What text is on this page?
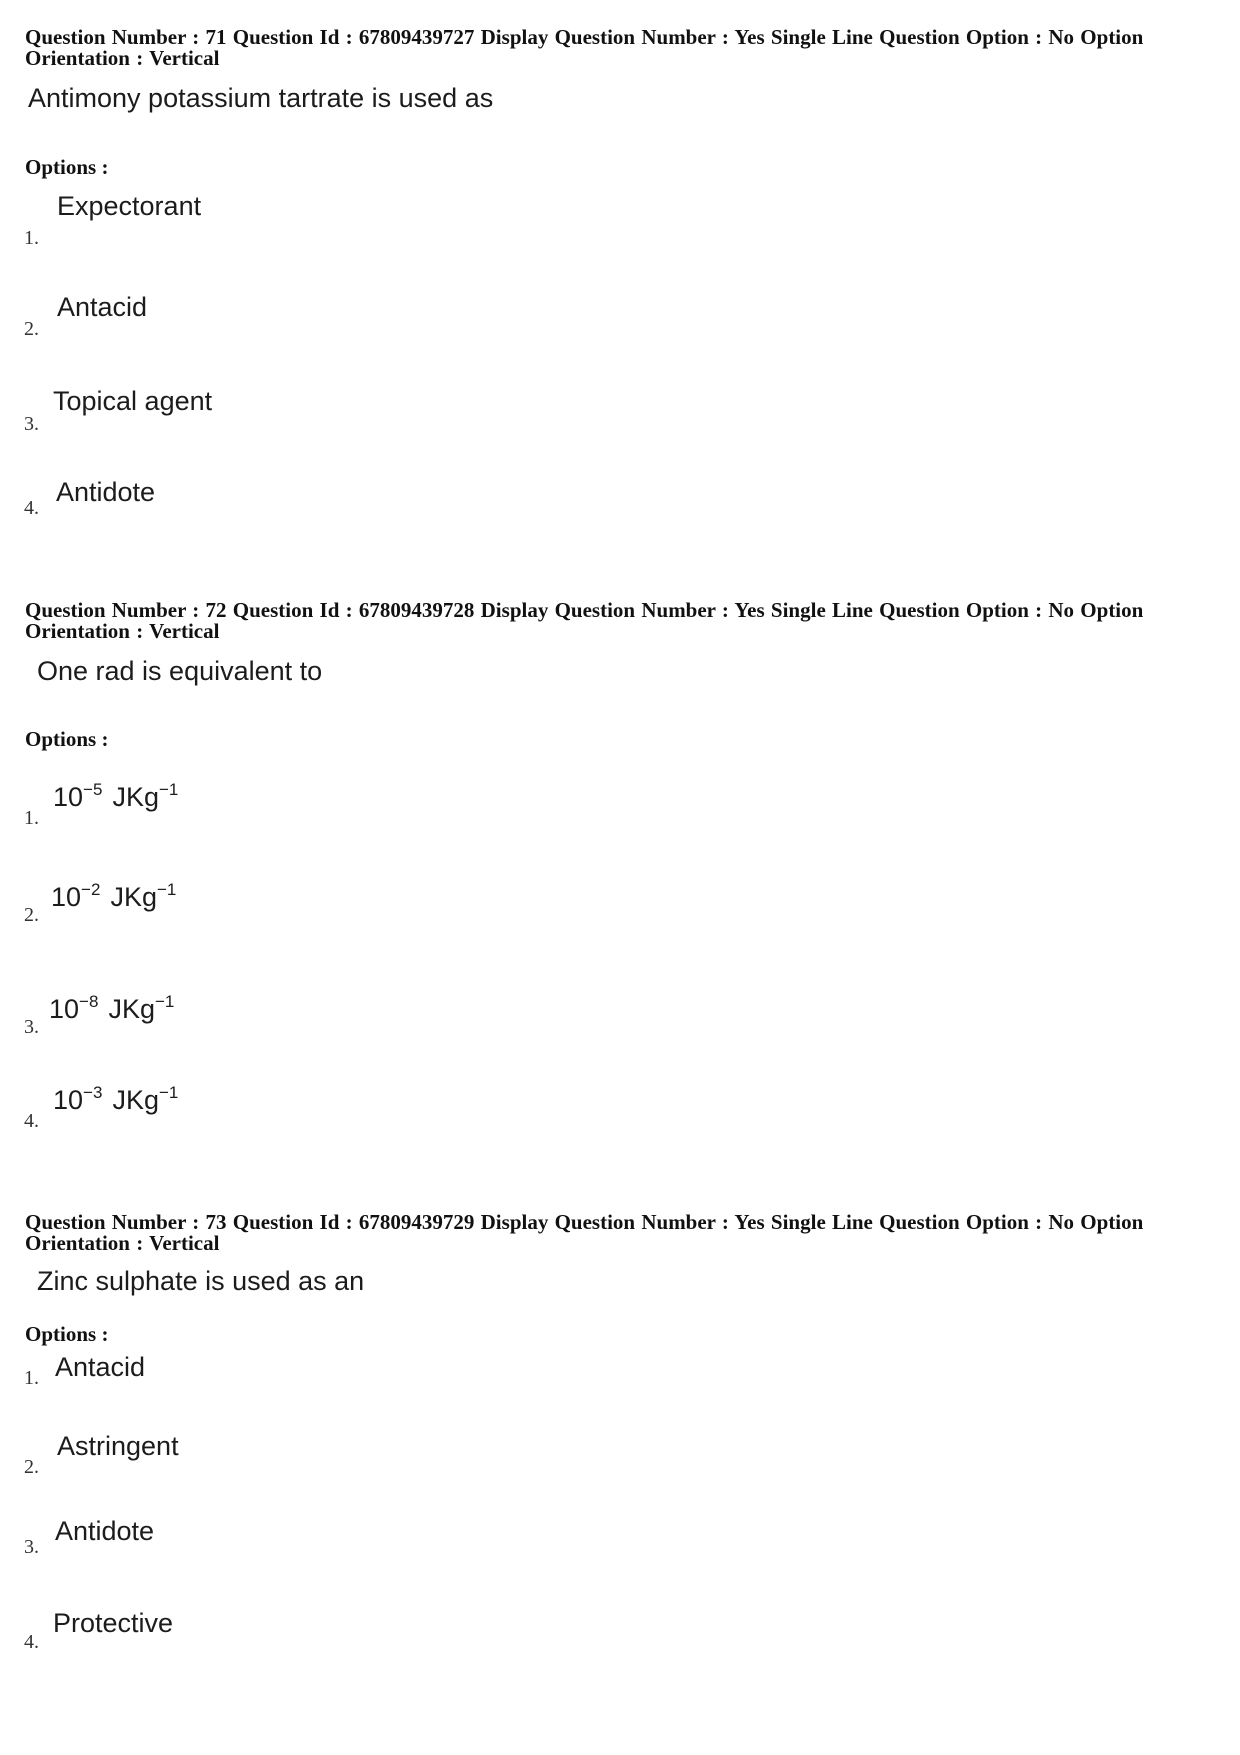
Question Number : 71 Question Id : 67809439727 Display Question Number : Yes Single Line Question Option : No Option
Orientation : Vertical
Antimony potassium tartrate is used as
Options :
1.
Expectorant
2.
Antacid
3.
Topical agent
4.
Antidote
Question Number : 72 Question Id : 67809439728 Display Question Number : Yes Single Line Question Option : No Option
Orientation : Vertical
One rad is equivalent to
Options :
1.
$10^{-5}$ JKg$^{-1}$
2.
$10^{-2}$ JKg$^{-1}$
3.
$10^{-8}$ JKg$^{-1}$
4.
$10^{-3}$ JKg$^{-1}$
Question Number : 73 Question Id : 67809439729 Display Question Number : Yes Single Line Question Option : No Option
Orientation : Vertical
Zinc sulphate is used as an
Options :
1. Antacid
2.
Astringent
3.
Antidote
4.
Protective
